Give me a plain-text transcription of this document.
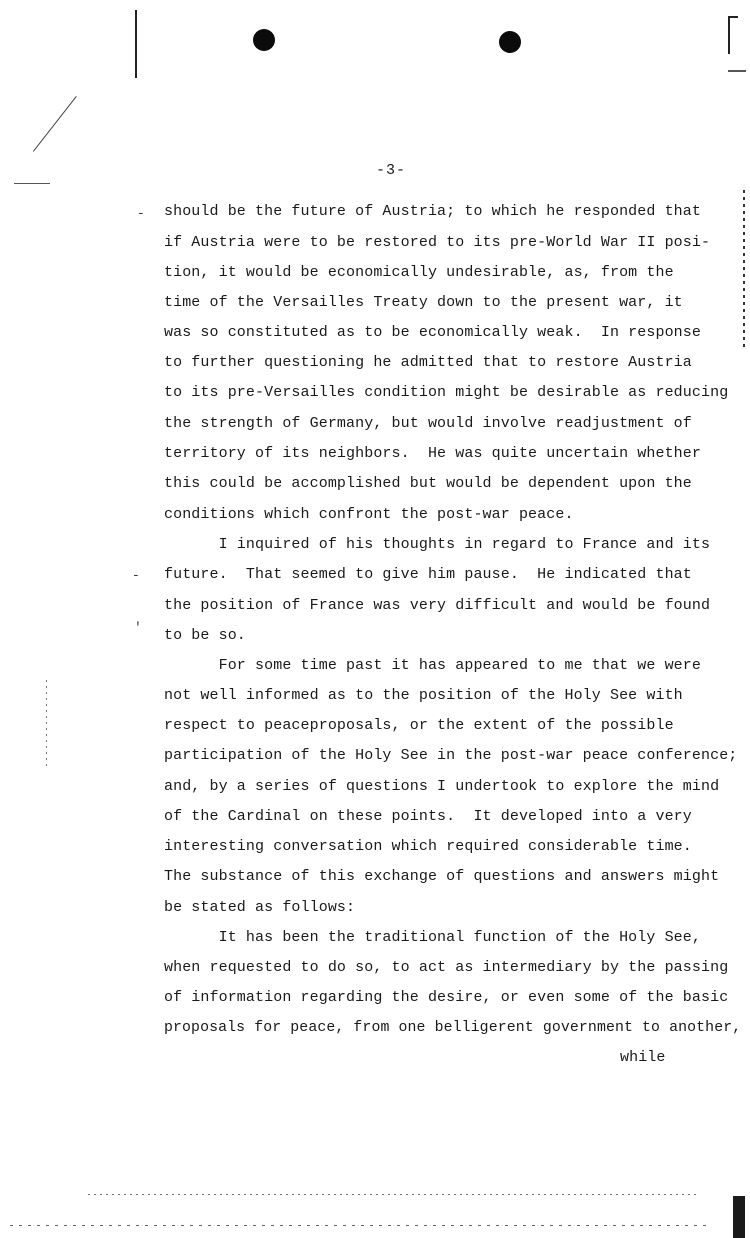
-3-
-
-
'
should be the future of Austria; to which he responded that
if Austria were to be restored to its pre-World War II posi-
tion, it would be economically undesirable, as, from the
time of the Versailles Treaty down to the present war, it
was so constituted as to be economically weak.  In response
to further questioning he admitted that to restore Austria
to its pre-Versailles condition might be desirable as reducing
the strength of Germany, but would involve readjustment of
territory of its neighbors.  He was quite uncertain whether
this could be accomplished but would be dependent upon the
conditions which confront the post-war peace.
I inquired of his thoughts in regard to France and its
future.  That seemed to give him pause.  He indicated that
the position of France was very difficult and would be found
to be so.
For some time past it has appeared to me that we were
not well informed as to the position of the Holy See with
respect to peaceproposals, or the extent of the possible
participation of the Holy See in the post-war peace conference;
and, by a series of questions I undertook to explore the mind
of the Cardinal on these points.  It developed into a very
interesting conversation which required considerable time.
The substance of this exchange of questions and answers might
be stated as follows:
It has been the traditional function of the Holy See,
when requested to do so, to act as intermediary by the passing
of information regarding the desire, or even some of the basic
proposals for peace, from one belligerent government to another,
while
